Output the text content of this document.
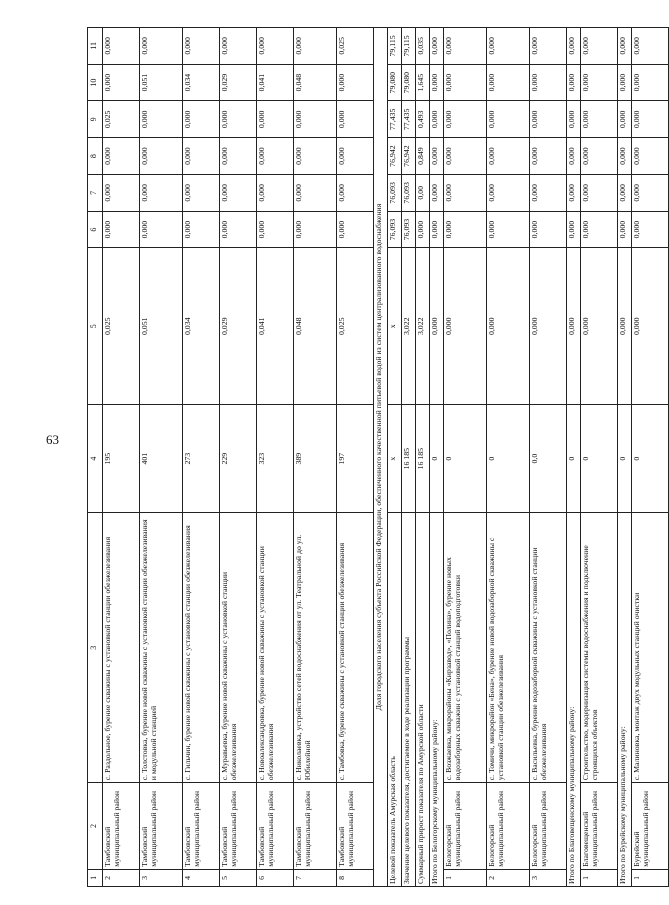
63
1	2	3	4	5	6	7	8	9	10	11
2	Тамбовский муниципальный район	с. Раздольное, бурение скважины с установкой станции обезжелезивания	195	0,025	0,000	0,000	0,000	0,025	0,000	0,000
3	Тамбовский муниципальный район	с. Толстовка, бурение новой скважины с установкой станции обезжелезивания и модульной станцией	401	0,051	0,000	0,000	0,000	0,000	0,051	0,000
4	Тамбовский муниципальный район	с. Гильчин, бурение новой скважины с установкой станции обезжелезивания	273	0,034	0,000	0,000	0,000	0,000	0,034	0,000
5	Тамбовский муниципальный район	с. Муравьевка, бурение новой скважины с установкой станции обезжелезивания	229	0,029	0,000	0,000	0,000	0,000	0,029	0,000
6	Тамбовский муниципальный район	с. Новоалександровка, бурение новой скважины с установкой станции обезжелезивания	323	0,041	0,000	0,000	0,000	0,000	0,041	0,000
7	Тамбовский муниципальный район	с. Николаевка, устройство сетей водоснабжения от ул. Театральной до ул. Юбилейной	389	0,048	0,000	0,000	0,000	0,000	0,048	0,000
8	Тамбовский муниципальный район	с. Тамбовка, бурение скважины с установкой станции обезжелезивания	197	0,025	0,000	0,000	0,000	0,000	0,000	0,025
Доля городского населения субъекта Российской Федерации, обеспеченного качественной питьевой водой из систем централизованного водоснабжения										
Целевой показатель Амурская область			x	x	76,093	76,093	76,942	77,435	79,080	79,115
Значение целевого показателя, достигаемое в ходе реализации программы			16 185	3,022	76,093	76,093	76,942	77,435	79,080	79,115
Суммарный прирост показателя по Амурской области			16 185	3,022	0,000	0,00	0,849	0,493	1,645	0,035
Итого по Белогорскому муниципальному району:			0	0,000	0,000	0,000	0,000	0,000	0,000	0,000
1	Белогорский муниципальный район	с. Возжаевка, микрорайоны «Кирзавод», «Полина», бурение новых водозаборных скважин с установкой станций водоподготовки	0	0,000	0,000	0,000	0,000	0,000	0,000	0,000
2	Белогорский муниципальный район	с. Томичи, микрорайон «Бена», бурение новой водозаборной скважины с установкой станции обезжелезивания	0	0,000	0,000	0,000	0,000	0,000	0,000	0,000
3	Белогорский муниципальный район	с. Васильевка, бурение водозаборной скважины с установкой станции обезжелезивания	0,0	0,000	0,000	0,000	0,000	0,000	0,000	0,000
Итого по Благовещенскому муниципальному району:			0	0,000	0,000	0,000	0,000	0,000	0,000	0,000
1	Благовещенский муниципальный район	Строительство, модернизация системы водоснабжения и подключение строящихся объектов	0	0,000	0,000	0,000	0,000	0,000	0,000	0,000
Итого по Бурейскому муниципальному району:			0	0,000	0,000	0,000	0,000	0,000	0,000	0,000
1	Бурейский муниципальный район	с. Малиновка, монтаж двух модульных станций очистки	0	0,000	0,000	0,000	0,000	0,000	0,000	0,000
